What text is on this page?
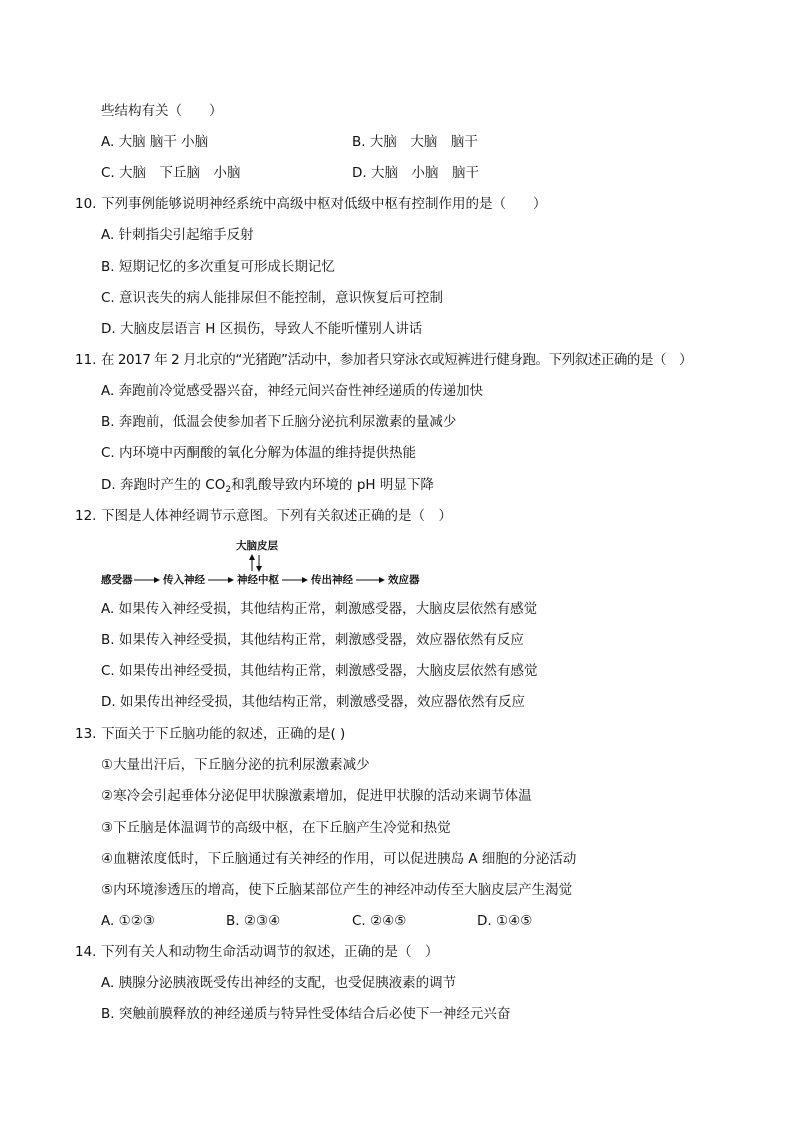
些结构有关（　　）
A. 大脑 脑干 小脑	B. 大脑　大脑　脑干
C. 大脑　下丘脑　小脑	D. 大脑　小脑　脑干
10. 下列事例能够说明神经系统中高级中枢对低级中枢有控制作用的是（　　）
A. 针刺指尖引起缩手反射
B. 短期记忆的多次重复可形成长期记忆
C. 意识丧失的病人能排尿但不能控制，意识恢复后可控制
D. 大脑皮层语言 H 区损伤，导致人不能听懂别人讲话
11. 在 2017 年 2 月北京的“光猪跑”活动中，参加者只穿泳衣或短裤进行健身跑。下列叙述正确的是（　）
A. 奔跑前冷觉感受器兴奋，神经元间兴奋性神经递质的传递加快
B. 奔跑前，低温会使参加者下丘脑分泌抗利尿激素的量减少
C. 内环境中丙酮酸的氧化分解为体温的维持提供热能
D. 奔跑时产生的 $CO_2$和乳酸导致内环境的 pH 明显下降
12. 下图是人体神经调节示意图。下列有关叙述正确的是（　）
大脑皮层
感受器	传入神经	神经中枢	传出神经	效应器
A. 如果传入神经受损，其他结构正常，刺激感受器，大脑皮层依然有感觉
B. 如果传入神经受损，其他结构正常，刺激感受器，效应器依然有反应
C. 如果传出神经受损，其他结构正常，刺激感受器，大脑皮层依然有感觉
D. 如果传出神经受损，其他结构正常，刺激感受器，效应器依然有反应
13. 下面关于下丘脑功能的叙述，正确的是( )
①大量出汗后，下丘脑分泌的抗利尿激素减少
②寒冷会引起垂体分泌促甲状腺激素增加，促进甲状腺的活动来调节体温
③下丘脑是体温调节的高级中枢，在下丘脑产生冷觉和热觉
④血糖浓度低时，下丘脑通过有关神经的作用，可以促进胰岛 A 细胞的分泌活动
⑤内环境渗透压的增高，使下丘脑某部位产生的神经冲动传至大脑皮层产生渴觉
A. ①②③	B. ②③④	C. ②④⑤	D. ①④⑤
14. 下列有关人和动物生命活动调节的叙述，正确的是（　）
A. 胰腺分泌胰液既受传出神经的支配，也受促胰液素的调节
B. 突触前膜释放的神经递质与特异性受体结合后必使下一神经元兴奋
